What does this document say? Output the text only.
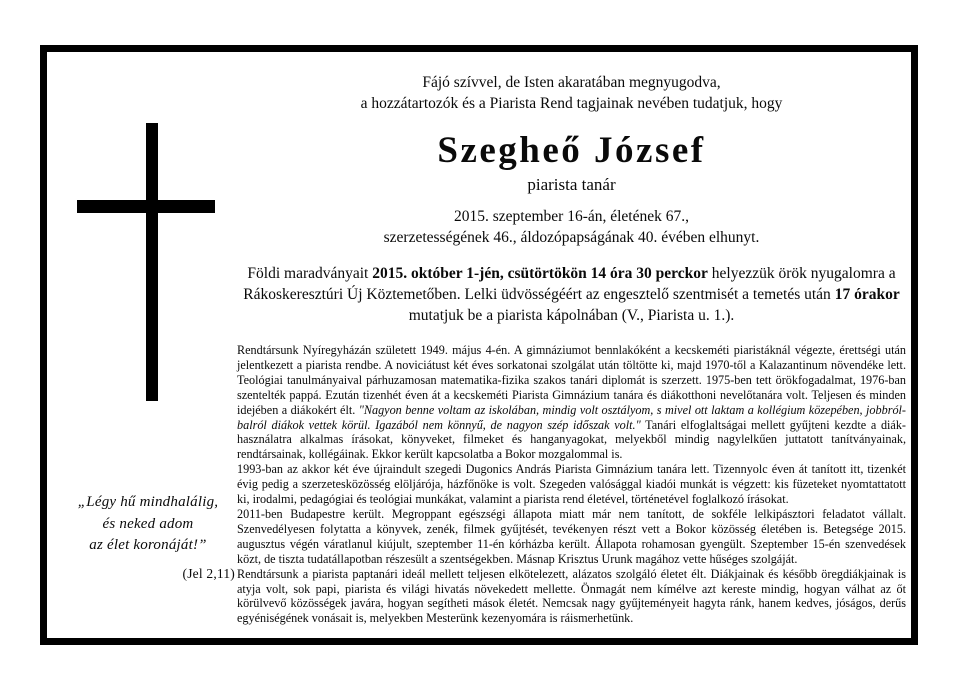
„Légy hű mindhalálig,
és neked adom
az élet koronáját!”
(Jel 2,11)
Fájó szívvel, de Isten akaratában megnyugodva,
a hozzátartozók és a Piarista Rend tagjainak nevében tudatjuk, hogy
Szegheő József
piarista tanár
2015. szeptember 16-án, életének 67.,
szerzetességének 46., áldozópapságának 40. évében elhunyt.
Földi maradványait 2015. október 1-jén, csütörtökön 14 óra 30 perckor helyezzük örök nyugalomra a Rákoskeresztúri Új Köztemetőben. Lelki üdvösségéért az engesztelő szentmisét a temetés után 17 órakor mutatjuk be a piarista kápolnában (V., Piarista u. 1.).

Rendtársunk Nyíregyházán született 1949. május 4-én. A gimnáziumot bennlakóként a kecskeméti piaristáknál végezte, érettségi után jelentkezett a piarista rendbe. A noviciátust két éves sorkatonai szolgálat után töltötte ki, majd 1970-től a Kalazantinum növendéke lett. Teológiai tanulmányaival párhuzamosan matematika-fizika szakos tanári diplomát is szerzett. 1975-ben tett örökfogadalmat, 1976-ban szentelték pappá. Ezután tizenhét éven át a kecskeméti Piarista Gimnázium tanára és diákotthoni nevelőtanára volt. Teljesen és minden idejében a diákokért élt. "Nagyon benne voltam az iskolában, mindig volt osztályom, s mivel ott laktam a kollégium közepében, jobbról-balról diákok vettek körül. Igazából nem könnyű, de nagyon szép időszak volt." Tanári elfoglaltságai mellett gyűjteni kezdte a diák-használatra alkalmas írásokat, könyveket, filmeket és hanganyagokat, melyekből mindig nagylelkűen juttatott tanítványainak, rendtársainak, kollégáinak. Ekkor került kapcsolatba a Bokor mozgalommal is.

1993-ban az akkor két éve újraindult szegedi Dugonics András Piarista Gimnázium tanára lett. Tizennyolc éven át tanított itt, tizenkét évig pedig a szerzetesközösség elöljárója, házfőnöke is volt. Szegeden valósággal kiadói munkát is végzett: kis füzeteket nyomtattatott ki, irodalmi, pedagógiai és teológiai munkákat, valamint a piarista rend életével, történetével foglalkozó írásokat.

2011-ben Budapestre került. Megroppant egészségi állapota miatt már nem tanított, de sokféle lelkipásztori feladatot vállalt. Szenvedélyesen folytatta a könyvek, zenék, filmek gyűjtését, tevékenyen részt vett a Bokor közösség életében is. Betegsége 2015. augusztus végén váratlanul kiújult, szeptember 11-én kórházba került. Állapota rohamosan gyengült. Szeptember 15-én szenvedések közt, de tiszta tudatállapotban részesült a szentségekben. Másnap Krisztus Urunk magához vette hűséges szolgáját.

Rendtársunk a piarista paptanári ideál mellett teljesen elkötelezett, alázatos szolgáló életet élt. Diákjainak és később öregdiákjainak is atyja volt, sok papi, piarista és világi hivatás növekedett mellette. Önmagát nem kímélve azt kereste mindig, hogyan válhat az őt körülvevő közösségek javára, hogyan segítheti mások életét. Nemcsak nagy gyűjteményeit hagyta ránk, hanem kedves, jóságos, derűs egyéniségének vonásait is, melyekben Mesterünk kezenyomára is ráismerhetünk.
